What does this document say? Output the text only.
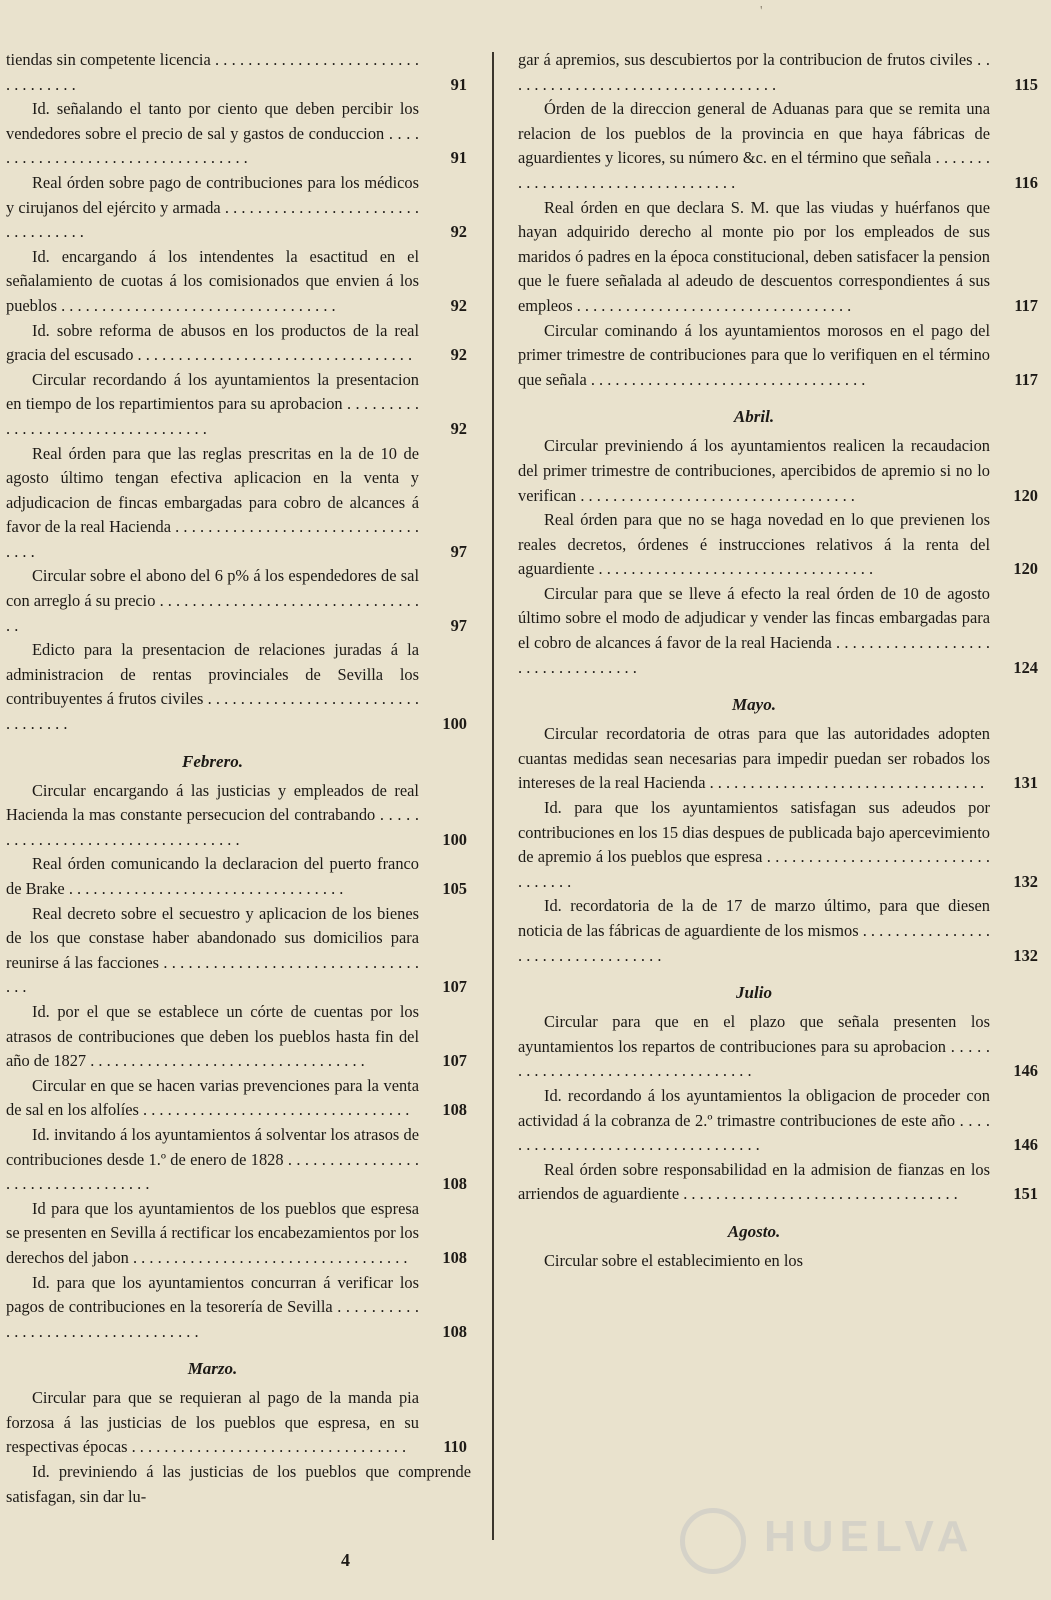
'
tiendas sin competente licencia . . .
91
Id. señalando el tanto por ciento que deben percibir los vendedores sobre el precio de sal y gastos de conduccion . . .
91
Real órden sobre pago de contribuciones para los médicos y cirujanos del ejército y armada . . .
92
Id. encargando á los intendentes la esactitud en el señalamiento de cuotas á los comisionados que envien á los pueblos . . .	92
Id. sobre reforma de abusos en los productos de la real gracia del escusado . . .	92
Circular recordando á los ayuntamientos la presentacion en tiempo de los repartimientos para su aprobacion . . .
92
Real órden para que las reglas prescritas en la de 10 de agosto último tengan efectiva aplicacion en la venta y adjudicacion de fincas embargadas para cobro de alcances á favor de la real Hacienda . . .
97
Circular sobre el abono del 6 p% á los espendedores de sal con arreglo á su precio . . .
97
Edicto para la presentacion de relaciones juradas á la administracion de rentas provinciales de Sevilla los contribuyentes á frutos civiles . . .
100
Febrero.
Circular encargando á las justicias y empleados de real Hacienda la mas constante persecucion del contrabando . . .
100
Real órden comunicando la declaracion del puerto franco de Brake . . .	105
Real decreto sobre el secuestro y aplicacion de los bienes de los que constase haber abandonado sus domicilios para reunirse á las facciones . . .
107
Id. por el que se establece un córte de cuentas por los atrasos de contribuciones que deben los pueblos hasta fin del año de 1827 . . .	107
Circular en que se hacen varias prevenciones para la venta de sal en los alfolíes . . .	108
Id. invitando á los ayuntamientos á solventar los atrasos de contribuciones desde 1.º de enero de 1828 . . .
108
Id para que los ayuntamientos de los pueblos que espresa se presenten en Sevilla á rectificar los encabezamientos por los derechos del jabon . . .	108
Id. para que los ayuntamientos concurran á verificar los pagos de contribuciones en la tesorería de Sevilla . . .
108
Marzo.
Circular para que se requieran al pago de la manda pia forzosa á las justicias de los pueblos que espresa, en su respectivas épocas . . .	110
Id. previniendo á las justicias de los pueblos que comprende satisfagan, sin dar lu-
gar á apremios, sus descubiertos por la contribucion de frutos civiles . . .
115
Órden de la direccion general de Aduanas para que se remita una relacion de los pueblos de la provincia en que haya fábricas de aguardientes y licores, su número &c. en el término que señala . . .
116
Real órden en que declara S. M. que las viudas y huérfanos que hayan adquirido derecho al monte pio por los empleados de sus maridos ó padres en la época constitucional, deben satisfacer la pension que le fuere señalada al adeudo de descuentos correspondientes á sus empleos . . .	117
Circular cominando á los ayuntamientos morosos en el pago del primer trimestre de contribuciones para que lo verifiquen en el término que señala . . .	117
Abril.
Circular previniendo á los ayuntamientos realicen la recaudacion del primer trimestre de contribuciones, apercibidos de apremio si no lo verifican . . .	120
Real órden para que no se haga novedad en lo que previenen los reales decretos, órdenes é instrucciones relativos á la renta del aguardiente . . .	120
Circular para que se lleve á efecto la real órden de 10 de agosto último sobre el modo de adjudicar y vender las fincas embargadas para el cobro de alcances á favor de la real Hacienda . . .
124
Mayo.
Circular recordatoria de otras para que las autoridades adopten cuantas medidas sean necesarias para impedir puedan ser robados los intereses de la real Hacienda . . .	131
Id. para que los ayuntamientos satisfagan sus adeudos por contribuciones en los 15 dias despues de publicada bajo apercevimiento de apremio á los pueblos que espresa . . .
132
Id. recordatoria de la de 17 de marzo último, para que diesen noticia de las fábricas de aguardiente de los mismos . . .
132
Julio
Circular para que en el plazo que señala presenten los ayuntamientos los repartos de contribuciones para su aprobacion . . .
146
Id. recordando á los ayuntamientos la obligacion de proceder con actividad á la cobranza de 2.º trimastre contribuciones de este año . . .
146
Real órden sobre responsabilidad en la admision de fianzas en los arriendos de aguardiente . . .	151
Agosto.
Circular sobre el establecimiento en los
4	HUELVA
